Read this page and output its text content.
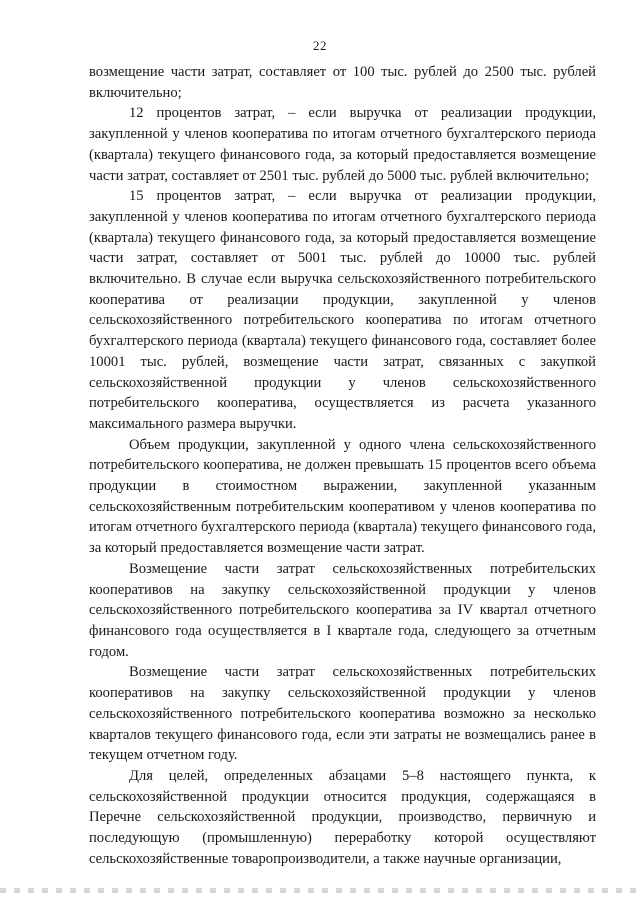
22

возмещение части затрат, составляет от 100 тыс. рублей до 2500 тыс. рублей включительно;

12 процентов затрат, – если выручка от реализации продукции, закупленной у членов кооператива по итогам отчетного бухгалтерского периода (квартала) текущего финансового года, за который предоставляется возмещение части затрат, составляет от 2501 тыс. рублей до 5000 тыс. рублей включительно;

15 процентов затрат, – если выручка от реализации продукции, закупленной у членов кооператива по итогам отчетного бухгалтерского периода (квартала) текущего финансового года, за который предоставляется возмещение части затрат, составляет от 5001 тыс. рублей до 10000 тыс. рублей включительно. В случае если выручка сельскохозяйственного потребительского кооператива от реализации продукции, закупленной у членов сельскохозяйственного потребительского кооператива по итогам отчетного бухгалтерского периода (квартала) текущего финансового года, составляет более 10001 тыс. рублей, возмещение части затрат, связанных с закупкой сельскохозяйственной продукции у членов сельскохозяйственного потребительского кооператива, осуществляется из расчета указанного максимального размера выручки.

Объем продукции, закупленной у одного члена сельскохозяйственного потребительского кооператива, не должен превышать 15 процентов всего объема продукции в стоимостном выражении, закупленной указанным сельскохозяйственным потребительским кооперативом у членов кооператива по итогам отчетного бухгалтерского периода (квартала) текущего финансового года, за который предоставляется возмещение части затрат.

Возмещение части затрат сельскохозяйственных потребительских кооперативов на закупку сельскохозяйственной продукции у членов сельскохозяйственного потребительского кооператива за IV квартал отчетного финансового года осуществляется в I квартале года, следующего за отчетным годом.

Возмещение части затрат сельскохозяйственных потребительских кооперативов на закупку сельскохозяйственной продукции у членов сельскохозяйственного потребительского кооператива возможно за несколько кварталов текущего финансового года, если эти затраты не возмещались ранее в текущем отчетном году.

Для целей, определенных абзацами 5–8 настоящего пункта, к сельскохозяйственной продукции относится продукция, содержащаяся в Перечне сельскохозяйственной продукции, производство, первичную и последующую (промышленную) переработку которой осуществляют сельскохозяйственные товаропроизводители, а также научные организации,
